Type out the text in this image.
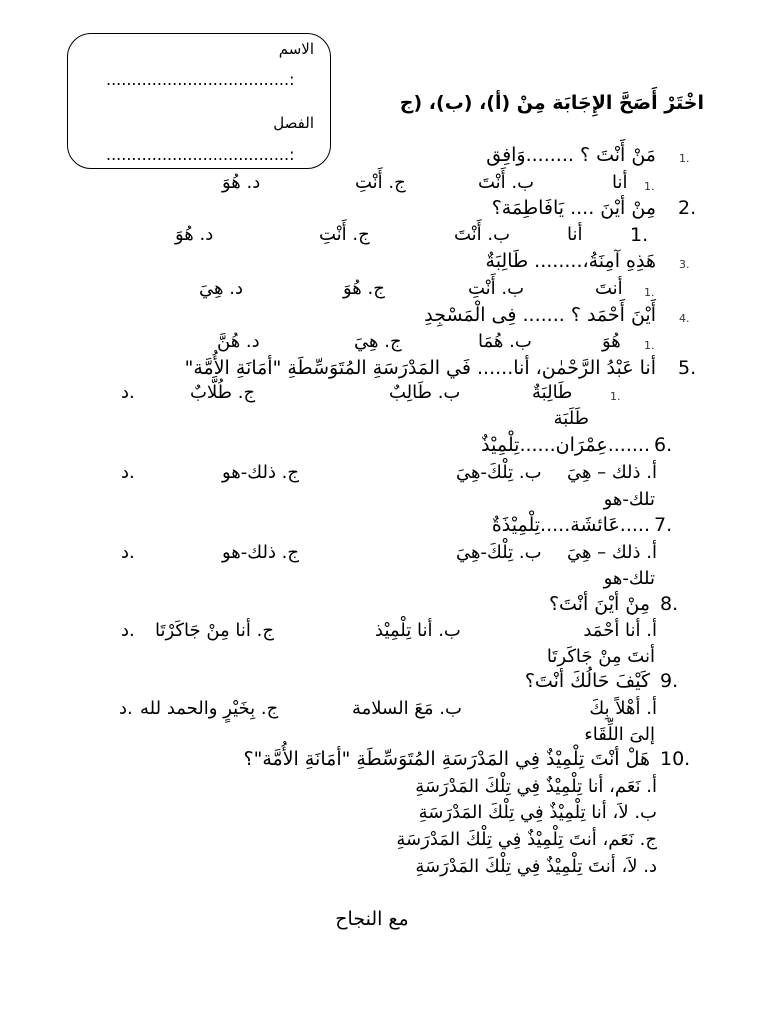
اخْتَرْ أَصَحَّ الإِجَابَة مِنْ (أ)، (ب)، (ج
الاسم
....................................:
الفصل
....................................:	1.
مَنْ أَنْتَ ؟ ........وَافِق
1.
أنا
ب. أَنْتَ
ج. أَنْتِ
د. هُوَ
2.
مِنْ أيْنَ .... يَافَاطِمَة؟
1.
أنا
ب. أَنْتَ
ج. أَنْتِ
د. هُوَ
3.
هَذِهِ آمِنَةُ،........ طَالِبَةٌ
1.
أنتَ
ب. أَنْتِ
ج. هُوَ
د. هِيَ
4.
أَيْنَ أَحْمَد ؟ ....... فِى الْمَسْجِدِ
1.
هُوَ
ب. هُمَا
ج. هِيَ
د. هُنَّ
5.
أنا عَبْدُ الرَّحْمٰن، أنا...... فَي المَدْرَسَةِ المُتَوَسِّطَةِ "أمَانَةِ الأُمَّة"
1.
طَالِبَةٌ
ب. طَالِبٌ
ج. طُلَّابٌ
د.
طَلَبَة
6.
.......عِمْرَان......تِلْمِيْذٌ
أ. ذلك – هِيَ
ب. تِلْكَ-هِيَ
ج. ذلك-هو
د.
تلك-هو
7.
.....عَائشَة.....تِلْمِيْذَةٌ
أ. ذلك – هِيَ
ب. تِلْكَ-هِيَ
ج. ذلك-هو
د.
تلك-هو
8.
مِنْ أيْنَ أنْتَ؟
أ. أنا أحْمَد
ب. أنا تِلْمِيْذ
ج. أنا مِنْ جَاكَرْتَا
د.
أنتَ مِنْ جَاكَرتَا
9.
كَيْفَ حَالُكَ أنْتَ؟
أ. أهْلاً بِكَ
ب. مَعَ السلامة
ج. بِخَيْرٍ والحمد لله
د.
إلىَ اللِّقَاء
10.
هَلْ أنْتَ تِلْمِيْذٌ فِي المَدْرَسَةِ المُتَوَسِّطَةِ "أمَانَةِ الأُمَّة"؟
أ. نَعَم، أنا تِلْمِيْذٌ فِي تِلْكَ المَدْرَسَةِ
ب. لاَ، أنا تِلْمِيْذٌ فِي تِلْكَ المَدْرَسَةِ
ج. نَعَم، أنتَ تِلْمِيْذٌ فِي تِلْكَ المَدْرَسَةِ
د. لاَ، أنتَ تِلْمِيْذٌ فِي تِلْكَ المَدْرَسَةِ
مع النجاح
